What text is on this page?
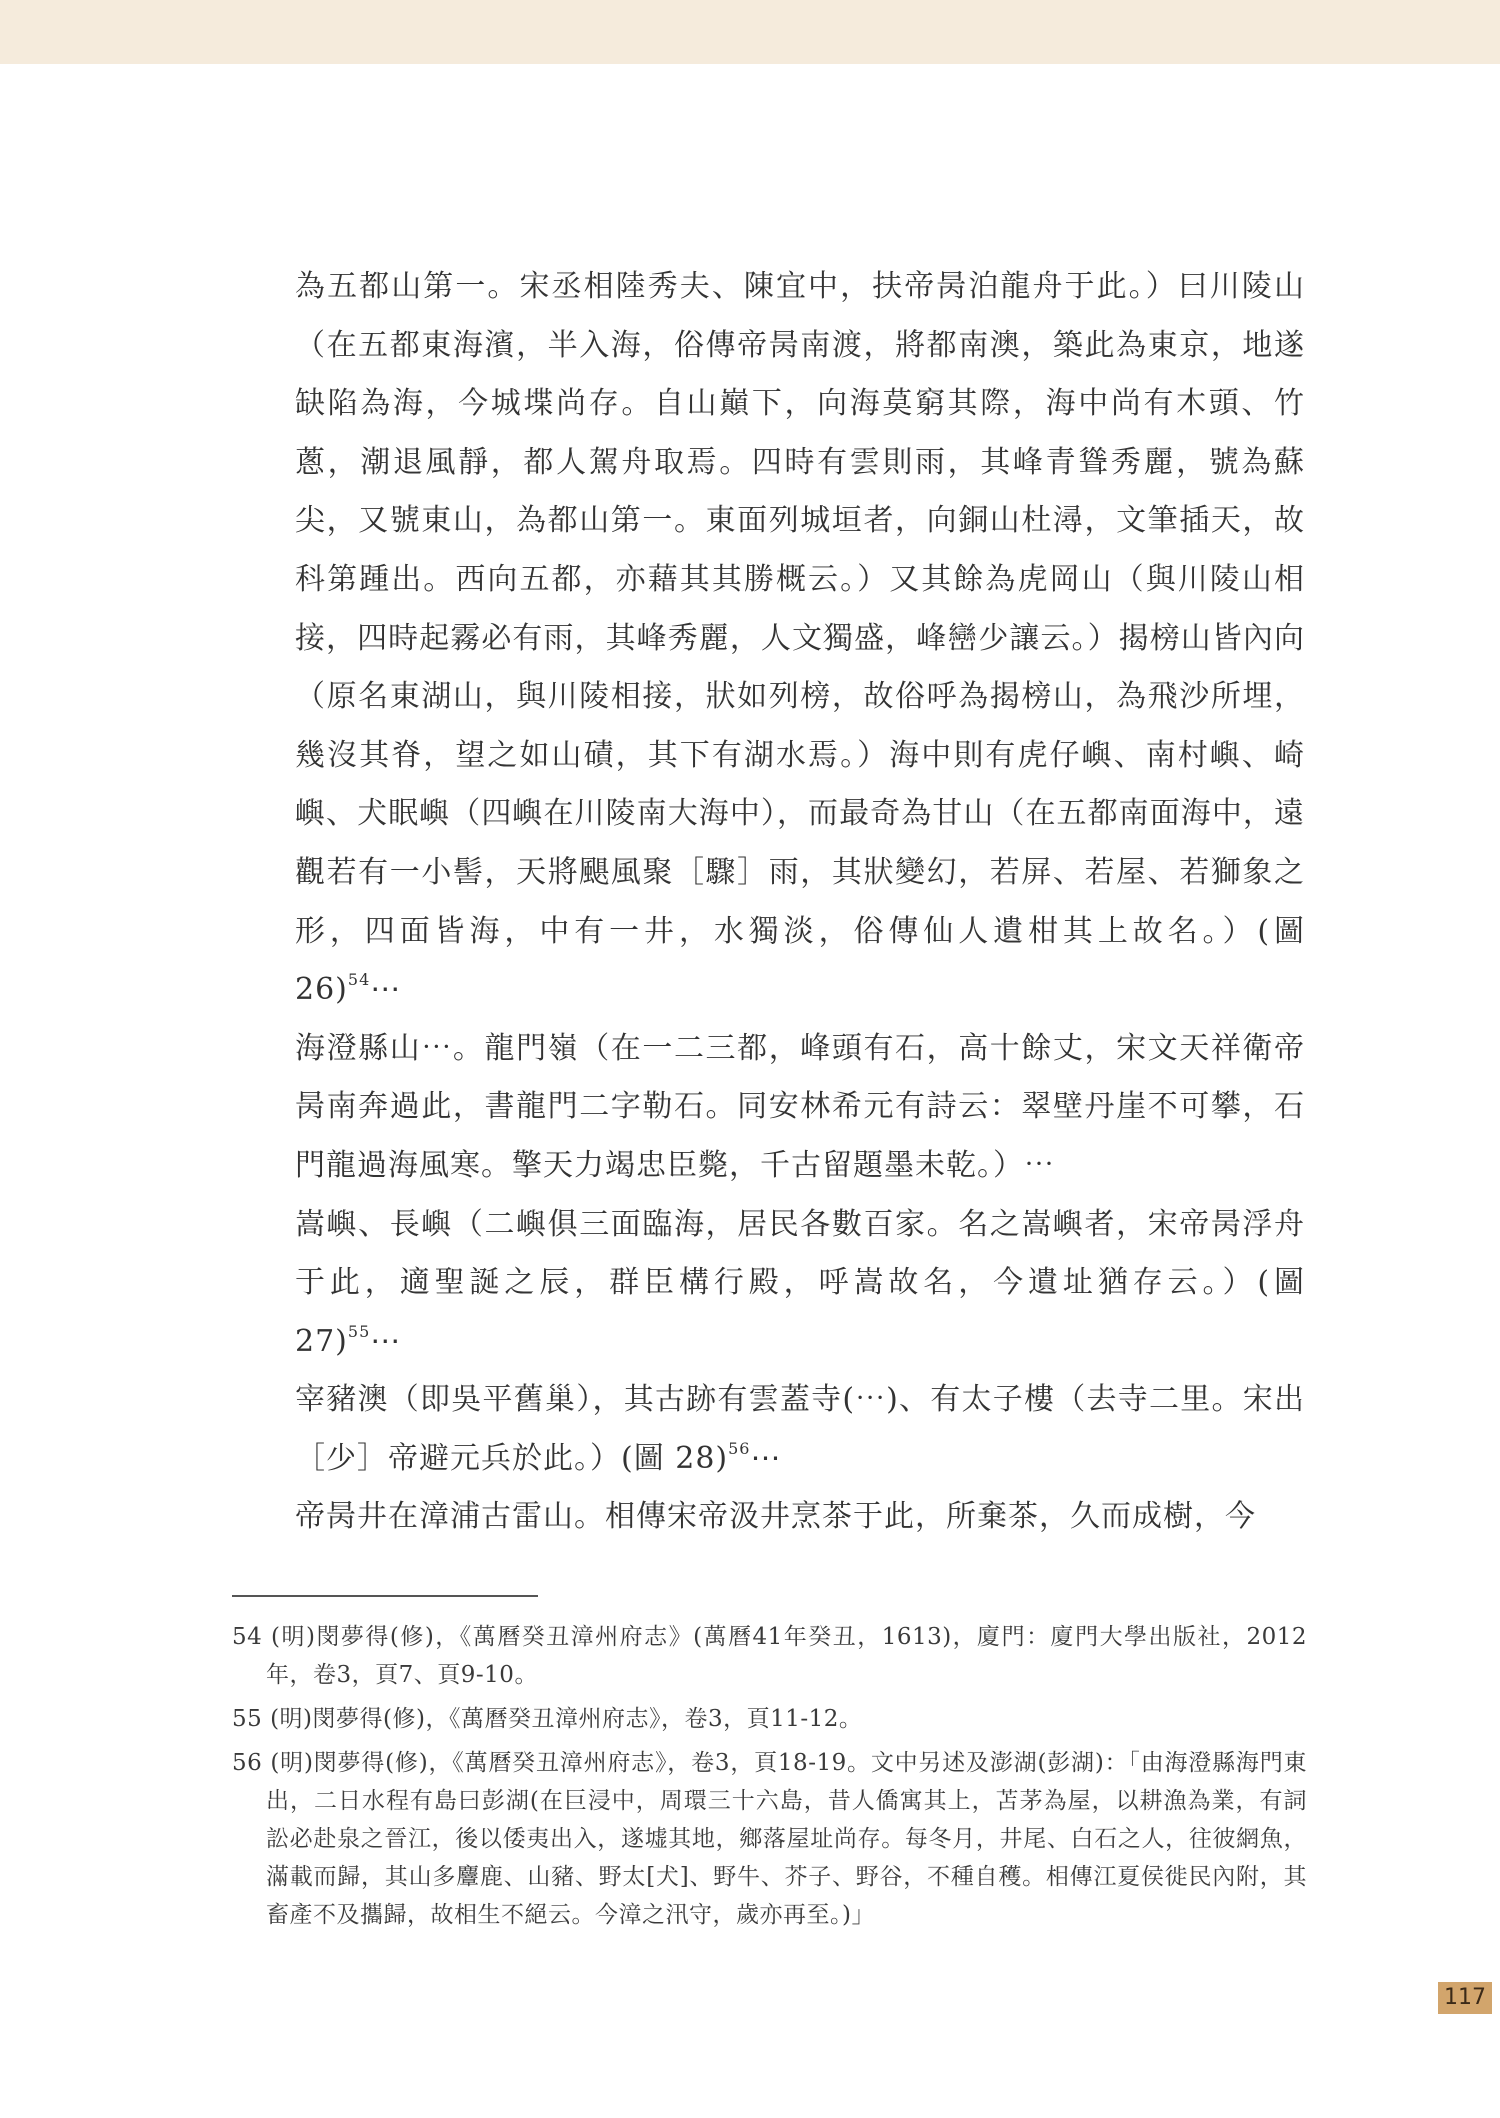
為五都山第一。宋丞相陸秀夫、陳宜中，扶帝昺泊龍舟于此。）曰川陵山（在五都東海濱，半入海，俗傳帝昺南渡，將都南澳，築此為東京，地遂缺陷為海，今城堞尚存。自山巔下，向海莫窮其際，海中尚有木頭、竹蔥，潮退風靜，都人駕舟取焉。四時有雲則雨，其峰青聳秀麗，號為蘇尖，又號東山，為都山第一。東面列城垣者，向銅山杜潯，文筆插天，故科第踵出。西向五都，亦藉其其勝概云。）又其餘為虎岡山（與川陵山相接，四時起霧必有雨，其峰秀麗，人文獨盛，峰巒少讓云。）揭榜山皆內向（原名東湖山，與川陵相接，狀如列榜，故俗呼為揭榜山，為飛沙所埋，幾沒其脊，望之如山磧，其下有湖水焉。）海中則有虎仔嶼、南村嶼、崎嶼、犬眠嶼（四嶼在川陵南大海中），而最奇為甘山（在五都南面海中，遠觀若有一小髻，天將颶風聚［驟］雨，其狀變幻，若屏、若屋、若獅象之形，四面皆海，中有一井，水獨淡，俗傳仙人遺柑其上故名。）(圖 26)$^{54}$⋯

海澄縣山⋯。龍門嶺（在一二三都，峰頭有石，高十餘丈，宋文天祥衛帝昺南奔過此，書龍門二字勒石。同安林希元有詩云：翠壁丹崖不可攀，石門龍過海風寒。擎天力竭忠臣斃，千古留題墨未乾。）⋯

嵩嶼、長嶼（二嶼俱三面臨海，居民各數百家。名之嵩嶼者，宋帝昺浮舟于此，適聖誕之辰，群臣構行殿，呼嵩故名，今遺址猶存云。）(圖 27)$^{55}$⋯

宰豬澳（即吳平舊巢），其古跡有雲蓋寺(⋯)、有太子樓（去寺二里。宋出［少］帝避元兵於此。）(圖 28)$^{56}$⋯

帝昺井在漳浦古雷山。相傳宋帝汲井烹茶于此，所棄茶，久而成樹，今

54 (明)閔夢得(修)，《萬曆癸丑漳州府志》(萬曆41年癸丑，1613)，廈門：廈門大學出版社，2012年，卷3，頁7、頁9-10。

55 (明)閔夢得(修)，《萬曆癸丑漳州府志》，卷3，頁11-12。

56 (明)閔夢得(修)，《萬曆癸丑漳州府志》，卷3，頁18-19。文中另述及澎湖(彭湖)：「由海澄縣海門東出，二日水程有島曰彭湖(在巨浸中，周環三十六島，昔人僑寓其上，苫茅為屋，以耕漁為業，有詞訟必赴泉之晉江，後以倭夷出入，遂墟其地，鄉落屋址尚存。每冬月，井尾、白石之人，往彼網魚，滿載而歸，其山多麞鹿、山豬、野太[犬]、野牛、芥子、野谷，不種自穫。相傳江夏侯徙民內附，其畜產不及攜歸，故相生不絕云。今漳之汛守，歲亦再至。)」

117
